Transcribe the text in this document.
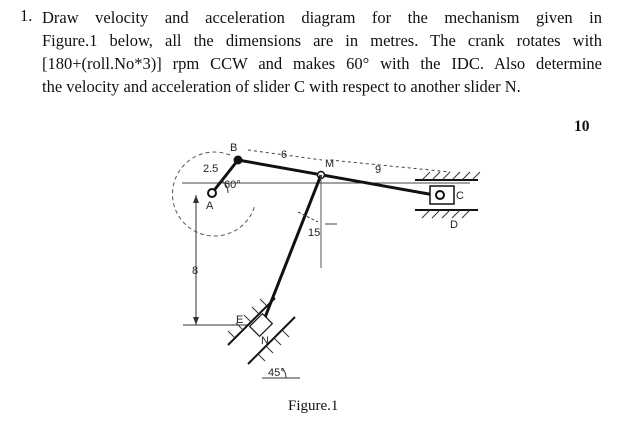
1. Draw velocity and acceleration diagram for the mechanism given in
Figure.1 below, all the dimensions are in metres. The crank rotates with
[180+(roll.No*3)] rpm CCW and makes 60° with the IDC. Also determine
the velocity and acceleration of slider C with respect to another slider N.
10
B
2.5
60°
A
6
M	9
C
D
15
8
E
N
45°
Figure.1
